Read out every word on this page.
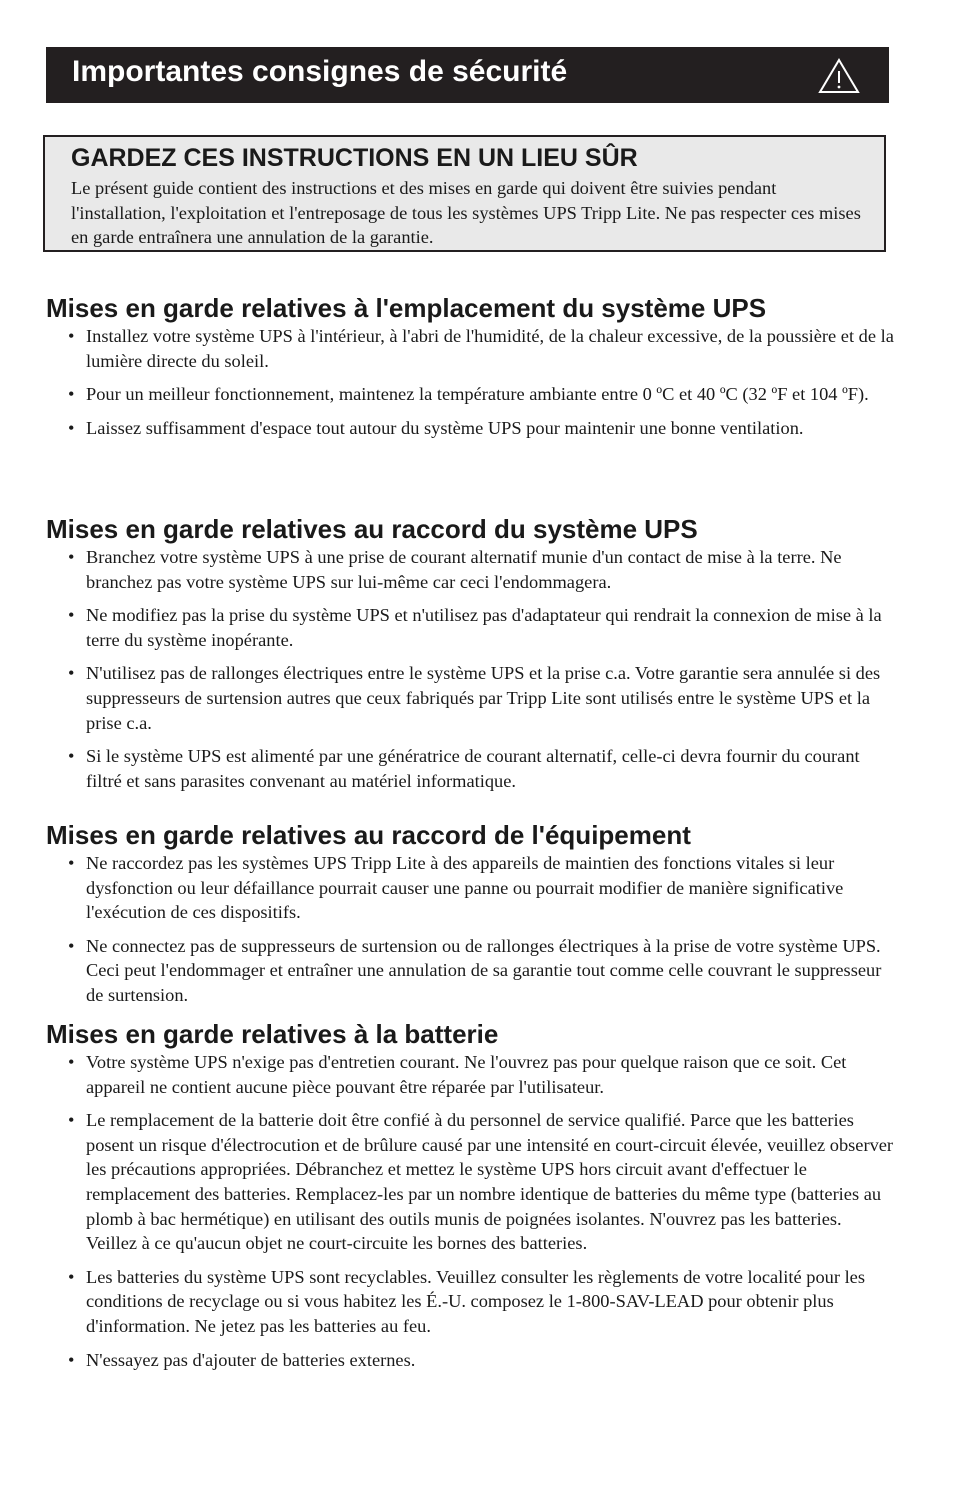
Importantes consignes de sécurité
GARDEZ CES INSTRUCTIONS EN UN LIEU SÛR

Le présent guide contient des instructions et des mises en garde qui doivent être suivies pendant l'installation, l'exploitation et l'entreposage de tous les systèmes UPS Tripp Lite. Ne pas respecter ces mises en garde entraînera une annulation de la garantie.

Mises en garde relatives à l'emplacement du système UPS
• Installez votre système UPS à l'intérieur, à l'abri de l'humidité, de la chaleur excessive, de la poussière et de la lumière directe du soleil.
• Pour un meilleur fonctionnement, maintenez la température ambiante entre 0 ºC et 40 ºC (32 ºF et 104 ºF).
• Laissez suffisamment d'espace tout autour du système UPS pour maintenir une bonne ventilation.
Mises en garde relatives au raccord du système UPS
• Branchez votre système UPS à une prise de courant alternatif munie d'un contact de mise à la terre. Ne branchez pas votre système UPS sur lui-même car ceci l'endommagera.
• Ne modifiez pas la prise du système UPS et n'utilisez pas d'adaptateur qui rendrait la connexion de mise à la terre du système inopérante.
• N'utilisez pas de rallonges électriques entre le système UPS et la prise c.a. Votre garantie sera annulée si des suppresseurs de surtension autres que ceux fabriqués par Tripp Lite sont utilisés entre le système UPS et la prise c.a.
• Si le système UPS est alimenté par une génératrice de courant alternatif, celle-ci devra fournir du courant filtré et sans parasites convenant au matériel informatique.
Mises en garde relatives au raccord de l'équipement
• Ne raccordez pas les systèmes UPS Tripp Lite à des appareils de maintien des fonctions vitales si leur dysfonction ou leur défaillance pourrait causer une panne ou pourrait modifier de manière significative l'exécution de ces dispositifs.
• Ne connectez pas de suppresseurs de surtension ou de rallonges électriques à la prise de votre système UPS. Ceci peut l'endommager et entraîner une annulation de sa garantie tout comme celle couvrant le suppresseur de surtension.
Mises en garde relatives à la batterie
• Votre système UPS n'exige pas d'entretien courant. Ne l'ouvrez pas pour quelque raison que ce soit. Cet appareil ne contient aucune pièce pouvant être réparée par l'utilisateur.
• Le remplacement de la batterie doit être confié à du personnel de service qualifié. Parce que les batteries posent un risque d'électrocution et de brûlure causé par une intensité en court-circuit élevée, veuillez observer les précautions appropriées. Débranchez et mettez le système UPS hors circuit avant d'effectuer le remplacement des batteries. Remplacez-les par un nombre identique de batteries du même type (batteries au plomb à bac hermétique) en utilisant des outils munis de poignées isolantes. N'ouvrez pas les batteries. Veillez à ce qu'aucun objet ne court-circuite les bornes des batteries.
• Les batteries du système UPS sont recyclables. Veuillez consulter les règlements de votre localité pour les conditions de recyclage ou si vous habitez les É.-U. composez le 1-800-SAV-LEAD pour obtenir plus d'information. Ne jetez pas les batteries au feu.
• N'essayez pas d'ajouter de batteries externes.
